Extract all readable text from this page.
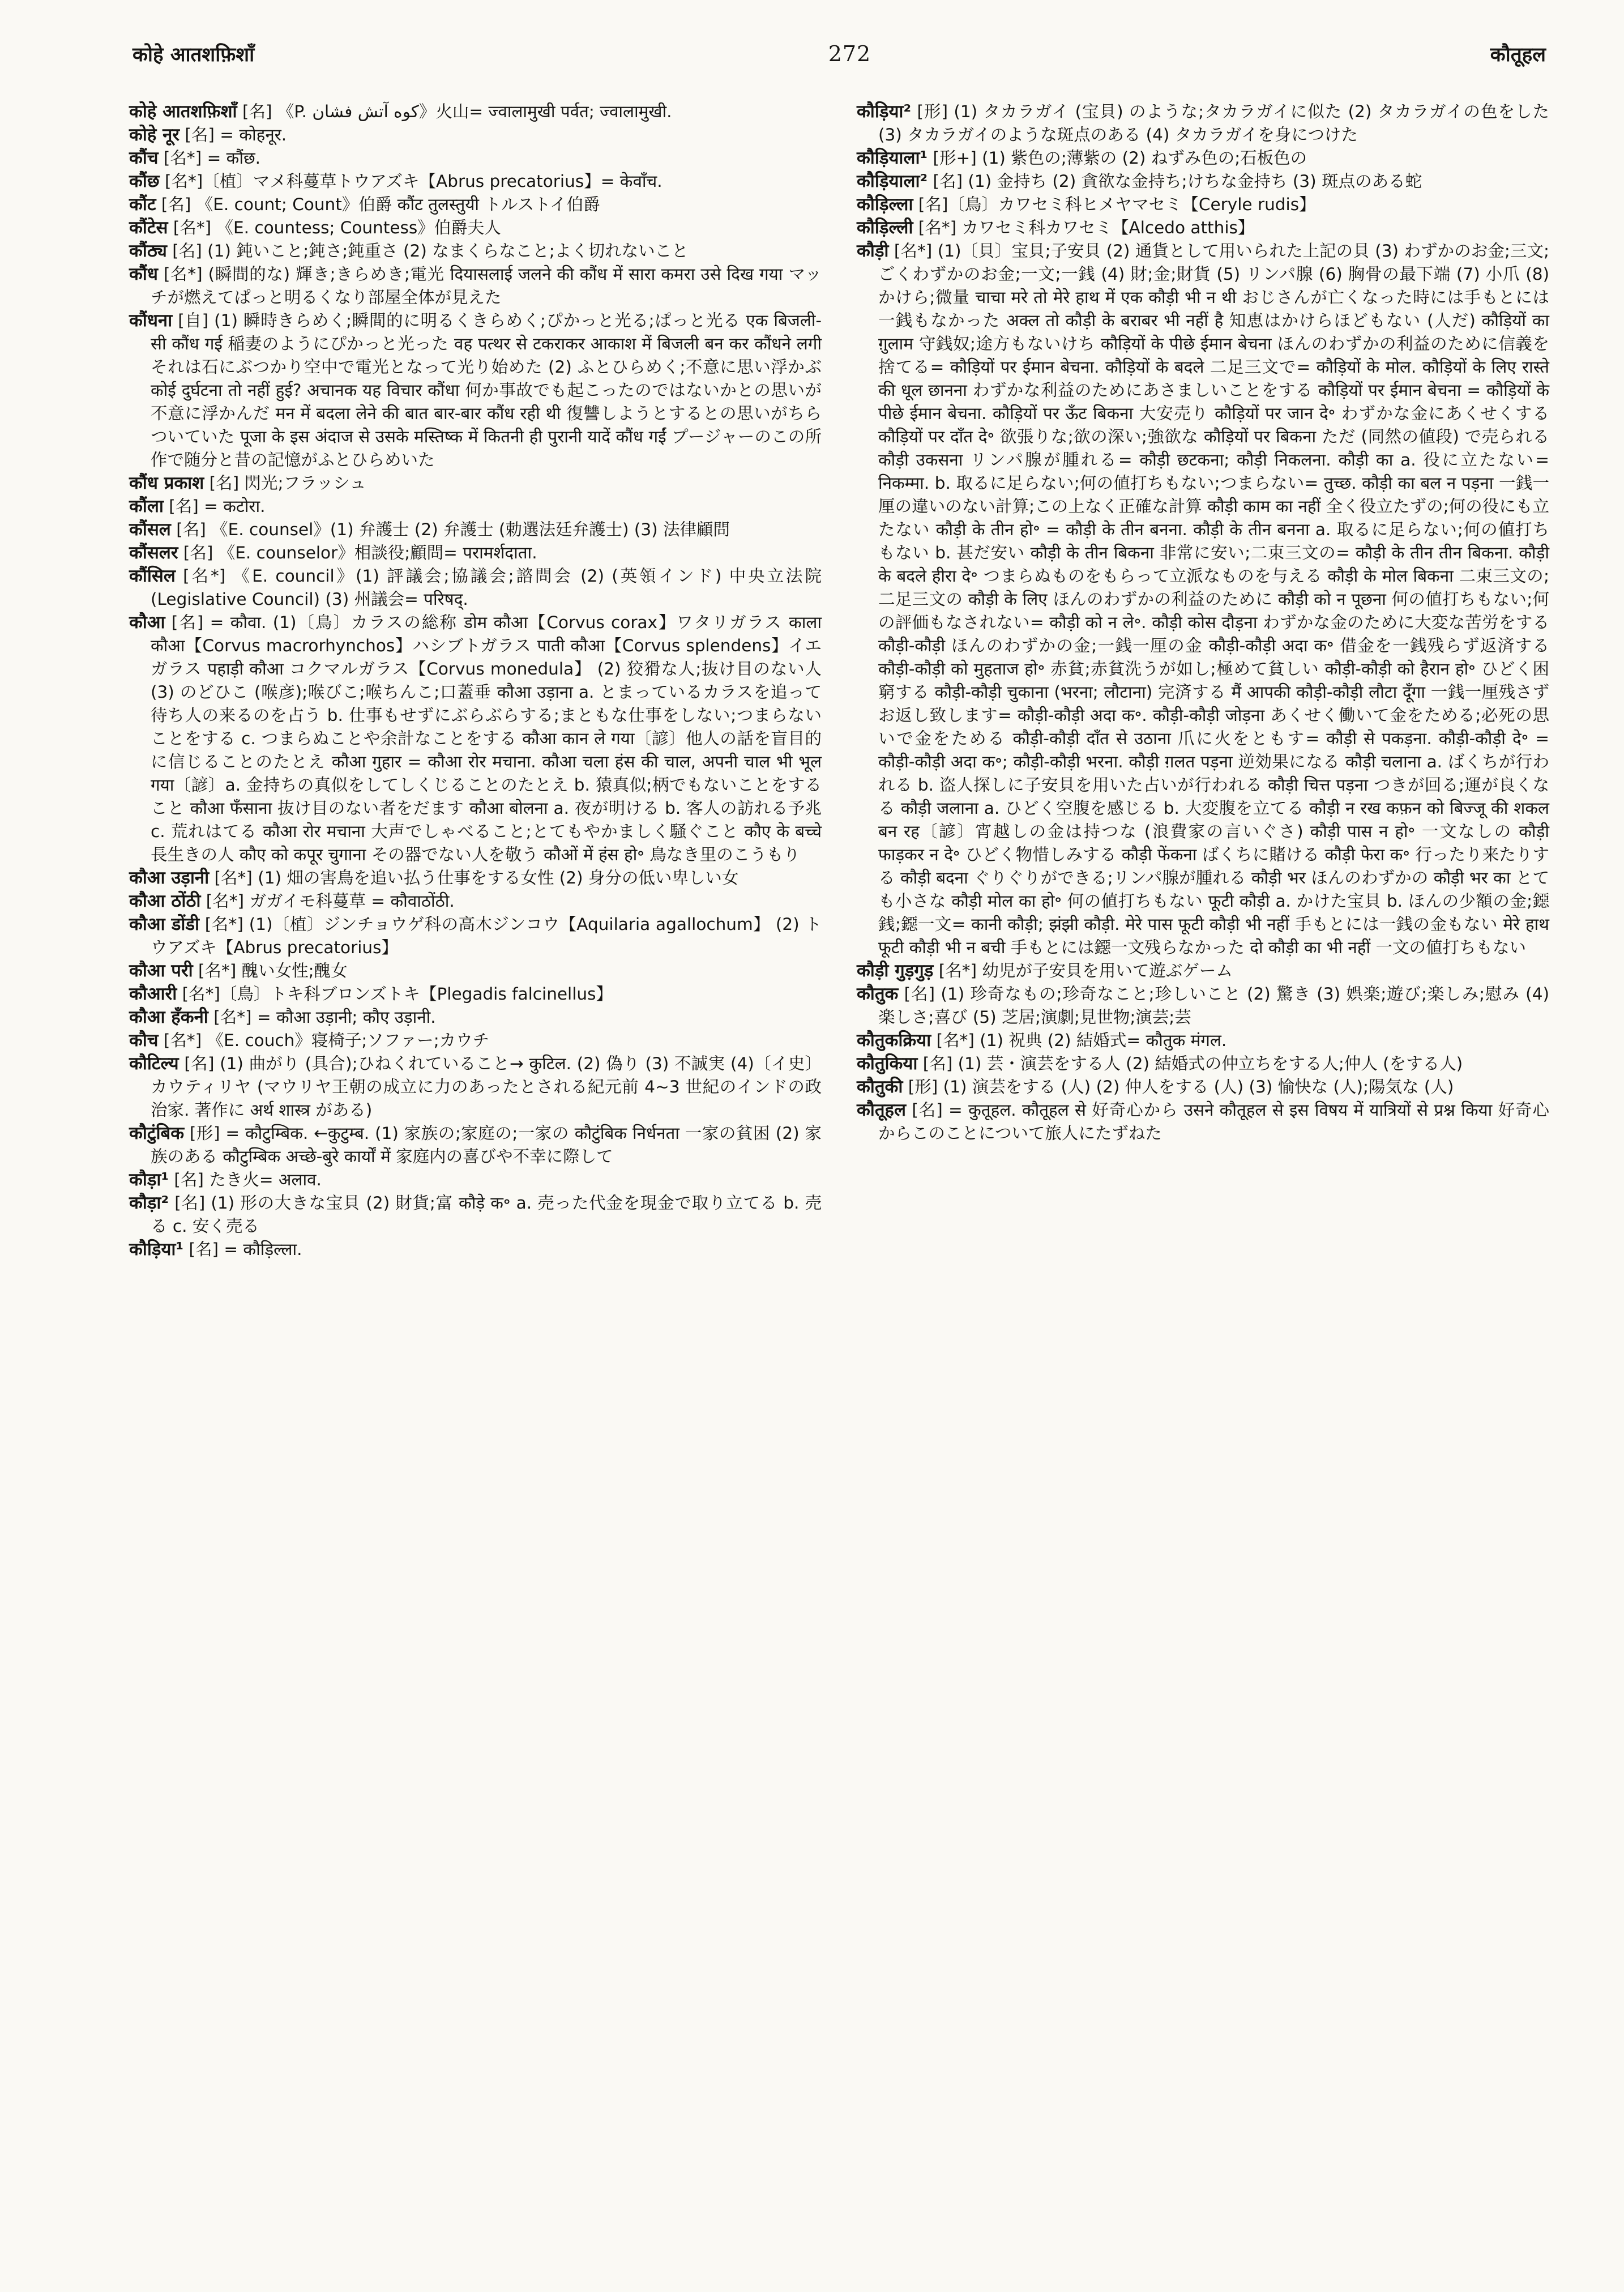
कोहे आतशफ़िशाँ	272	कौतूहल

कोहे आतशफ़िशाँ [名] 《P. کوه آتش فشان》火山= ज्वालामुखी पर्वत; ज्वालामुखी.

कोहे नूर [名] = कोहनूर.

कौंच [名*] = कौंछ.

कौंछ [名*]〔植〕マメ科蔓草トウアズキ【Abrus precatorius】= केवाँच.

कौंट [名] 《E. count; Count》伯爵 कौंट तुलस्तुयी トルストイ伯爵

कौंटेस [名*] 《E. countess; Countess》伯爵夫人

कौंठ्य [名] (1) 鈍いこと;鈍さ;鈍重さ (2) なまくらなこと;よく切れないこと

कौंध [名*] (瞬間的な) 輝き;きらめき;電光 दियासलाई जलने की कौंध में सारा कमरा उसे दिख गया マッチが燃えてぱっと明るくなり部屋全体が見えた

कौंधना [自] (1) 瞬時きらめく;瞬間的に明るくきらめく;ぴかっと光る;ぱっと光る एक बिजली-सी कौंध गई 稲妻のようにぴかっと光った वह पत्थर से टकराकर आकाश में बिजली बन कर कौंधने लगी それは石にぶつかり空中で電光となって光り始めた (2) ふとひらめく;不意に思い浮かぶ कोई दुर्घटना तो नहीं हुई? अचानक यह विचार कौंधा 何か事故でも起こったのではないかとの思いが不意に浮かんだ मन में बदला लेने की बात बार-बार कौंध रही थी 復讐しようとするとの思いがちらついていた पूजा के इस अंदाज से उसके मस्तिष्क में कितनी ही पुरानी यादें कौंध गईं プージャーのこの所作で随分と昔の記憶がふとひらめいた

कौंध प्रकाश [名] 閃光;フラッシュ

कौंला [名] = कटोरा.

कौंसल [名] 《E. counsel》(1) 弁護士 (2) 弁護士 (勅選法廷弁護士) (3) 法律顧問

कौंसलर [名] 《E. counselor》相談役;顧問= परामर्शदाता.

कौंसिल [名*] 《E. council》(1) 評議会;協議会;諮問会 (2) (英領インド) 中央立法院 (Legislative Council) (3) 州議会= परिषद्.

कौआ [名] = कौवा. (1)〔鳥〕カラスの総称 डोम कौआ【Corvus corax】ワタリガラス काला कौआ【Corvus macrorhynchos】ハシブトガラス पाती कौआ【Corvus splendens】イエガラス पहाड़ी कौआ コクマルガラス【Corvus monedula】 (2) 狡猾な人;抜け目のない人 (3) のどひこ (喉彦);喉びこ;喉ちんこ;口蓋垂 कौआ उड़ाना a. とまっているカラスを追って待ち人の来るのを占う b. 仕事もせずにぶらぶらする;まともな仕事をしない;つまらないことをする c. つまらぬことや余計なことをする कौआ कान ले गया〔諺〕他人の話を盲目的に信じることのたとえ कौआ गुहार = कौआ रोर मचाना. कौआ चला हंस की चाल, अपनी चाल भी भूल गया〔諺〕a. 金持ちの真似をしてしくじることのたとえ b. 猿真似;柄でもないことをすること कौआ फँसाना 抜け目のない者をだます कौआ बोलना a. 夜が明ける b. 客人の訪れる予兆 c. 荒れはてる कौआ रोर मचाना 大声でしゃべること;とてもやかましく騒ぐこと कौए के बच्चे 長生きの人 कौए को कपूर चुगाना その器でない人を敬う कौओं में हंस हो॰ 鳥なき里のこうもり

कौआ उड़ानी [名*] (1) 畑の害鳥を追い払う仕事をする女性 (2) 身分の低い卑しい女

कौआ ठोंठी [名*] ガガイモ科蔓草 = कौवाठोंठी.

कौआ डोंडी [名*] (1)〔植〕ジンチョウゲ科の高木ジンコウ【Aquilaria agallochum】 (2) トウアズキ【Abrus precatorius】

कौआ परी [名*] 醜い女性;醜女

कौआरी [名*]〔鳥〕トキ科ブロンズトキ【Plegadis falcinellus】

कौआ हँकनी [名*] = कौआ उड़ानी; कौए उड़ानी.

कौच [名*] 《E. couch》寝椅子;ソファー;カウチ

कौटिल्य [名] (1) 曲がり (具合);ひねくれていること→ कुटिल. (2) 偽り (3) 不誠実 (4)〔イ史〕カウティリヤ (マウリヤ王朝の成立に力のあったとされる紀元前 4~3 世紀のインドの政治家. 著作に अर्थ शास्त्र がある)

कौटुंबिक [形] = कौटुम्बिक. ←कुटुम्ब. (1) 家族の;家庭の;一家の कौटुंबिक निर्धनता 一家の貧困 (2) 家族のある कौटुम्बिक अच्छे-बुरे कार्यों में 家庭内の喜びや不幸に際して

कौड़ा¹ [名] たき火= अलाव.

कौड़ा² [名] (1) 形の大きな宝貝 (2) 財貨;富 कौड़े क॰ a. 売った代金を現金で取り立てる b. 売る c. 安く売る

कौड़िया¹ [名] = कौड़िल्ला.

कौड़िया² [形] (1) タカラガイ (宝貝) のような;タカラガイに似た (2) タカラガイの色をした (3) タカラガイのような斑点のある (4) タカラガイを身につけた

कौड़ियाला¹ [形+] (1) 紫色の;薄紫の (2) ねずみ色の;石板色の

कौड़ियाला² [名] (1) 金持ち (2) 貪欲な金持ち;けちな金持ち (3) 斑点のある蛇

कौड़िल्ला [名]〔鳥〕カワセミ科ヒメヤマセミ【Ceryle rudis】

कौड़िल्ली [名*] カワセミ科カワセミ【Alcedo atthis】

कौड़ी [名*] (1)〔貝〕宝貝;子安貝 (2) 通貨として用いられた上記の貝 (3) わずかのお金;三文;ごくわずかのお金;一文;一銭 (4) 財;金;財貨 (5) リンパ腺 (6) 胸骨の最下端 (7) 小爪 (8) かけら;微量 चाचा मरे तो मेरे हाथ में एक कौड़ी भी न थी おじさんが亡くなった時には手もとには一銭もなかった अक्ल तो कौड़ी के बराबर भी नहीं है 知恵はかけらほどもない (人だ) कौड़ियों का ग़ुलाम 守銭奴;途方もないけち कौड़ियों के पीछे ईमान बेचना ほんのわずかの利益のために信義を捨てる= कौड़ियों पर ईमान बेचना. कौड़ियों के बदले 二足三文で= कौड़ियों के मोल. कौड़ियों के लिए रास्ते की धूल छानना わずかな利益のためにあさましいことをする कौड़ियों पर ईमान बेचना = कौड़ियों के पीछे ईमान बेचना. कौड़ियों पर ऊँट बिकना 大安売り कौड़ियों पर जान दे॰ わずかな金にあくせくする कौड़ियों पर दाँत दे॰ 欲張りな;欲の深い;強欲な कौड़ियों पर बिकना ただ (同然の値段) で売られる कौड़ी उकसना リンパ腺が腫れる= कौड़ी छटकना; कौड़ी निकलना. कौड़ी का a. 役に立たない= निकम्मा. b. 取るに足らない;何の値打ちもない;つまらない= तुच्छ. कौड़ी का बल न पड़ना 一銭一厘の違いのない計算;この上なく正確な計算 कौड़ी काम का नहीं 全く役立たずの;何の役にも立たない कौड़ी के तीन हो॰ = कौड़ी के तीन बनना. कौड़ी के तीन बनना a. 取るに足らない;何の値打ちもない b. 甚だ安い कौड़ी के तीन बिकना 非常に安い;二束三文の= कौड़ी के तीन तीन बिकना. कौड़ी के बदले हीरा दे॰ つまらぬものをもらって立派なものを与える कौड़ी के मोल बिकना 二束三文の;二足三文の कौड़ी के लिए ほんのわずかの利益のために कौड़ी को न पूछना 何の値打ちもない;何の評価もなされない= कौड़ी को न ले॰. कौड़ी कोस दौड़ना わずかな金のために大変な苦労をする कौड़ी-कौड़ी ほんのわずかの金;一銭一厘の金 कौड़ी-कौड़ी अदा क॰ 借金を一銭残らず返済する कौड़ी-कौड़ी को मुहताज हो॰ 赤貧;赤貧洗うが如し;極めて貧しい कौड़ी-कौड़ी को हैरान हो॰ ひどく困窮する कौड़ी-कौड़ी चुकाना (भरना; लौटाना) 完済する मैं आपकी कौड़ी-कौड़ी लौटा दूँगा 一銭一厘残さずお返し致します= कौड़ी-कौड़ी अदा क॰. कौड़ी-कौड़ी जोड़ना あくせく働いて金をためる;必死の思いで金をためる कौड़ी-कौड़ी दाँत से उठाना 爪に火をともす= कौड़ी से पकड़ना. कौड़ी-कौड़ी दे॰ = कौड़ी-कौड़ी अदा क॰; कौड़ी-कौड़ी भरना. कौड़ी ग़लत पड़ना 逆効果になる कौड़ी चलाना a. ばくちが行われる b. 盗人探しに子安貝を用いた占いが行われる कौड़ी चित्त पड़ना つきが回る;運が良くなる कौड़ी जलाना a. ひどく空腹を感じる b. 大変腹を立てる कौड़ी न रख कफ़न को बिज्जू की शकल बन रह〔諺〕宵越しの金は持つな (浪費家の言いぐさ) कौड़ी पास न हो॰ 一文なしの कौड़ी फाड़कर न दे॰ ひどく物惜しみする कौड़ी फेंकना ばくちに賭ける कौड़ी फेरा क॰ 行ったり来たりする कौड़ी बदना ぐりぐりができる;リンパ腺が腫れる कौड़ी भर ほんのわずかの कौड़ी भर का とても小さな कौड़ी मोल का हो॰ 何の値打ちもない फूटी कौड़ी a. かけた宝貝 b. ほんの少額の金;鐚銭;鐚一文= कानी कौड़ी; झंझी कौड़ी. मेरे पास फूटी कौड़ी भी नहीं 手もとには一銭の金もない मेरे हाथ फूटी कौड़ी भी न बची 手もとには鐚一文残らなかった दो कौड़ी का भी नहीं 一文の値打ちもない

कौड़ी गुड़गुड़ [名*] 幼児が子安貝を用いて遊ぶゲーム

कौतुक [名] (1) 珍奇なもの;珍奇なこと;珍しいこと (2) 驚き (3) 娯楽;遊び;楽しみ;慰み (4) 楽しさ;喜び (5) 芝居;演劇;見世物;演芸;芸

कौतुकक्रिया [名*] (1) 祝典 (2) 結婚式= कौतुक मंगल.

कौतुकिया [名] (1) 芸・演芸をする人 (2) 結婚式の仲立ちをする人;仲人 (をする人)

कौतुकी [形] (1) 演芸をする (人) (2) 仲人をする (人) (3) 愉快な (人);陽気な (人)

कौतूहल [名] = कुतूहल. कौतूहल से 好奇心から उसने कौतूहल से इस विषय में यात्रियों से प्रश्न किया 好奇心からこのことについて旅人にたずねた
